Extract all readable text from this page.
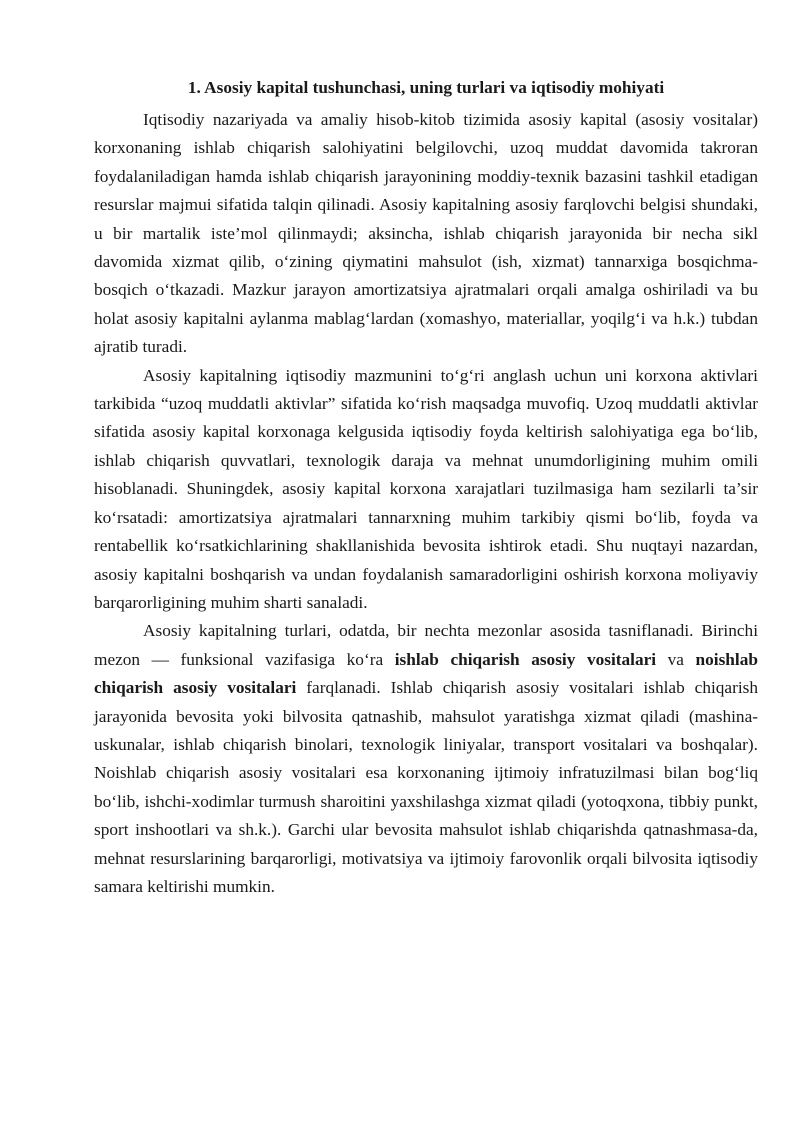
1. Asosiy kapital tushunchasi, uning turlari va iqtisodiy mohiyati

Iqtisodiy nazariyada va amaliy hisob-kitob tizimida asosiy kapital (asosiy vositalar) korxonaning ishlab chiqarish salohiyatini belgilovchi, uzoq muddat davomida takroran foydalaniladigan hamda ishlab chiqarish jarayonining moddiy-texnik bazasini tashkil etadigan resurslar majmui sifatida talqin qilinadi. Asosiy kapitalning asosiy farqlovchi belgisi shundaki, u bir martalik iste’mol qilinmaydi; aksincha, ishlab chiqarish jarayonida bir necha sikl davomida xizmat qilib, o‘zining qiymatini mahsulot (ish, xizmat) tannarxiga bosqichma-bosqich o‘tkazadi. Mazkur jarayon amortizatsiya ajratmalari orqali amalga oshiriladi va bu holat asosiy kapitalni aylanma mablag‘lardan (xomashyo, materiallar, yoqilg‘i va h.k.) tubdan ajratib turadi.

Asosiy kapitalning iqtisodiy mazmunini to‘g‘ri anglash uchun uni korxona aktivlari tarkibida “uzoq muddatli aktivlar” sifatida ko‘rish maqsadga muvofiq. Uzoq muddatli aktivlar sifatida asosiy kapital korxonaga kelgusida iqtisodiy foyda keltirish salohiyatiga ega bo‘lib, ishlab chiqarish quvvatlari, texnologik daraja va mehnat unumdorligining muhim omili hisoblanadi. Shuningdek, asosiy kapital korxona xarajatlari tuzilmasiga ham sezilarli ta’sir ko‘rsatadi: amortizatsiya ajratmalari tannarxning muhim tarkibiy qismi bo‘lib, foyda va rentabellik ko‘rsatkichlarining shakllanishida bevosita ishtirok etadi. Shu nuqtayi nazardan, asosiy kapitalni boshqarish va undan foydalanish samaradorligini oshirish korxona moliyaviy barqarorligining muhim sharti sanaladi.

Asosiy kapitalning turlari, odatda, bir nechta mezonlar asosida tasniflanadi. Birinchi mezon — funksional vazifasiga ko‘ra ishlab chiqarish asosiy vositalari va noishlab chiqarish asosiy vositalari farqlanadi. Ishlab chiqarish asosiy vositalari ishlab chiqarish jarayonida bevosita yoki bilvosita qatnashib, mahsulot yaratishga xizmat qiladi (mashina-uskunalar, ishlab chiqarish binolari, texnologik liniyalar, transport vositalari va boshqalar). Noishlab chiqarish asosiy vositalari esa korxonaning ijtimoiy infratuzilmasi bilan bog‘liq bo‘lib, ishchi-xodimlar turmush sharoitini yaxshilashga xizmat qiladi (yotoqxona, tibbiy punkt, sport inshootlari va sh.k.). Garchi ular bevosita mahsulot ishlab chiqarishda qatnashmasa-da, mehnat resurslarining barqarorligi, motivatsiya va ijtimoiy farovonlik orqali bilvosita iqtisodiy samara keltirishi mumkin.
